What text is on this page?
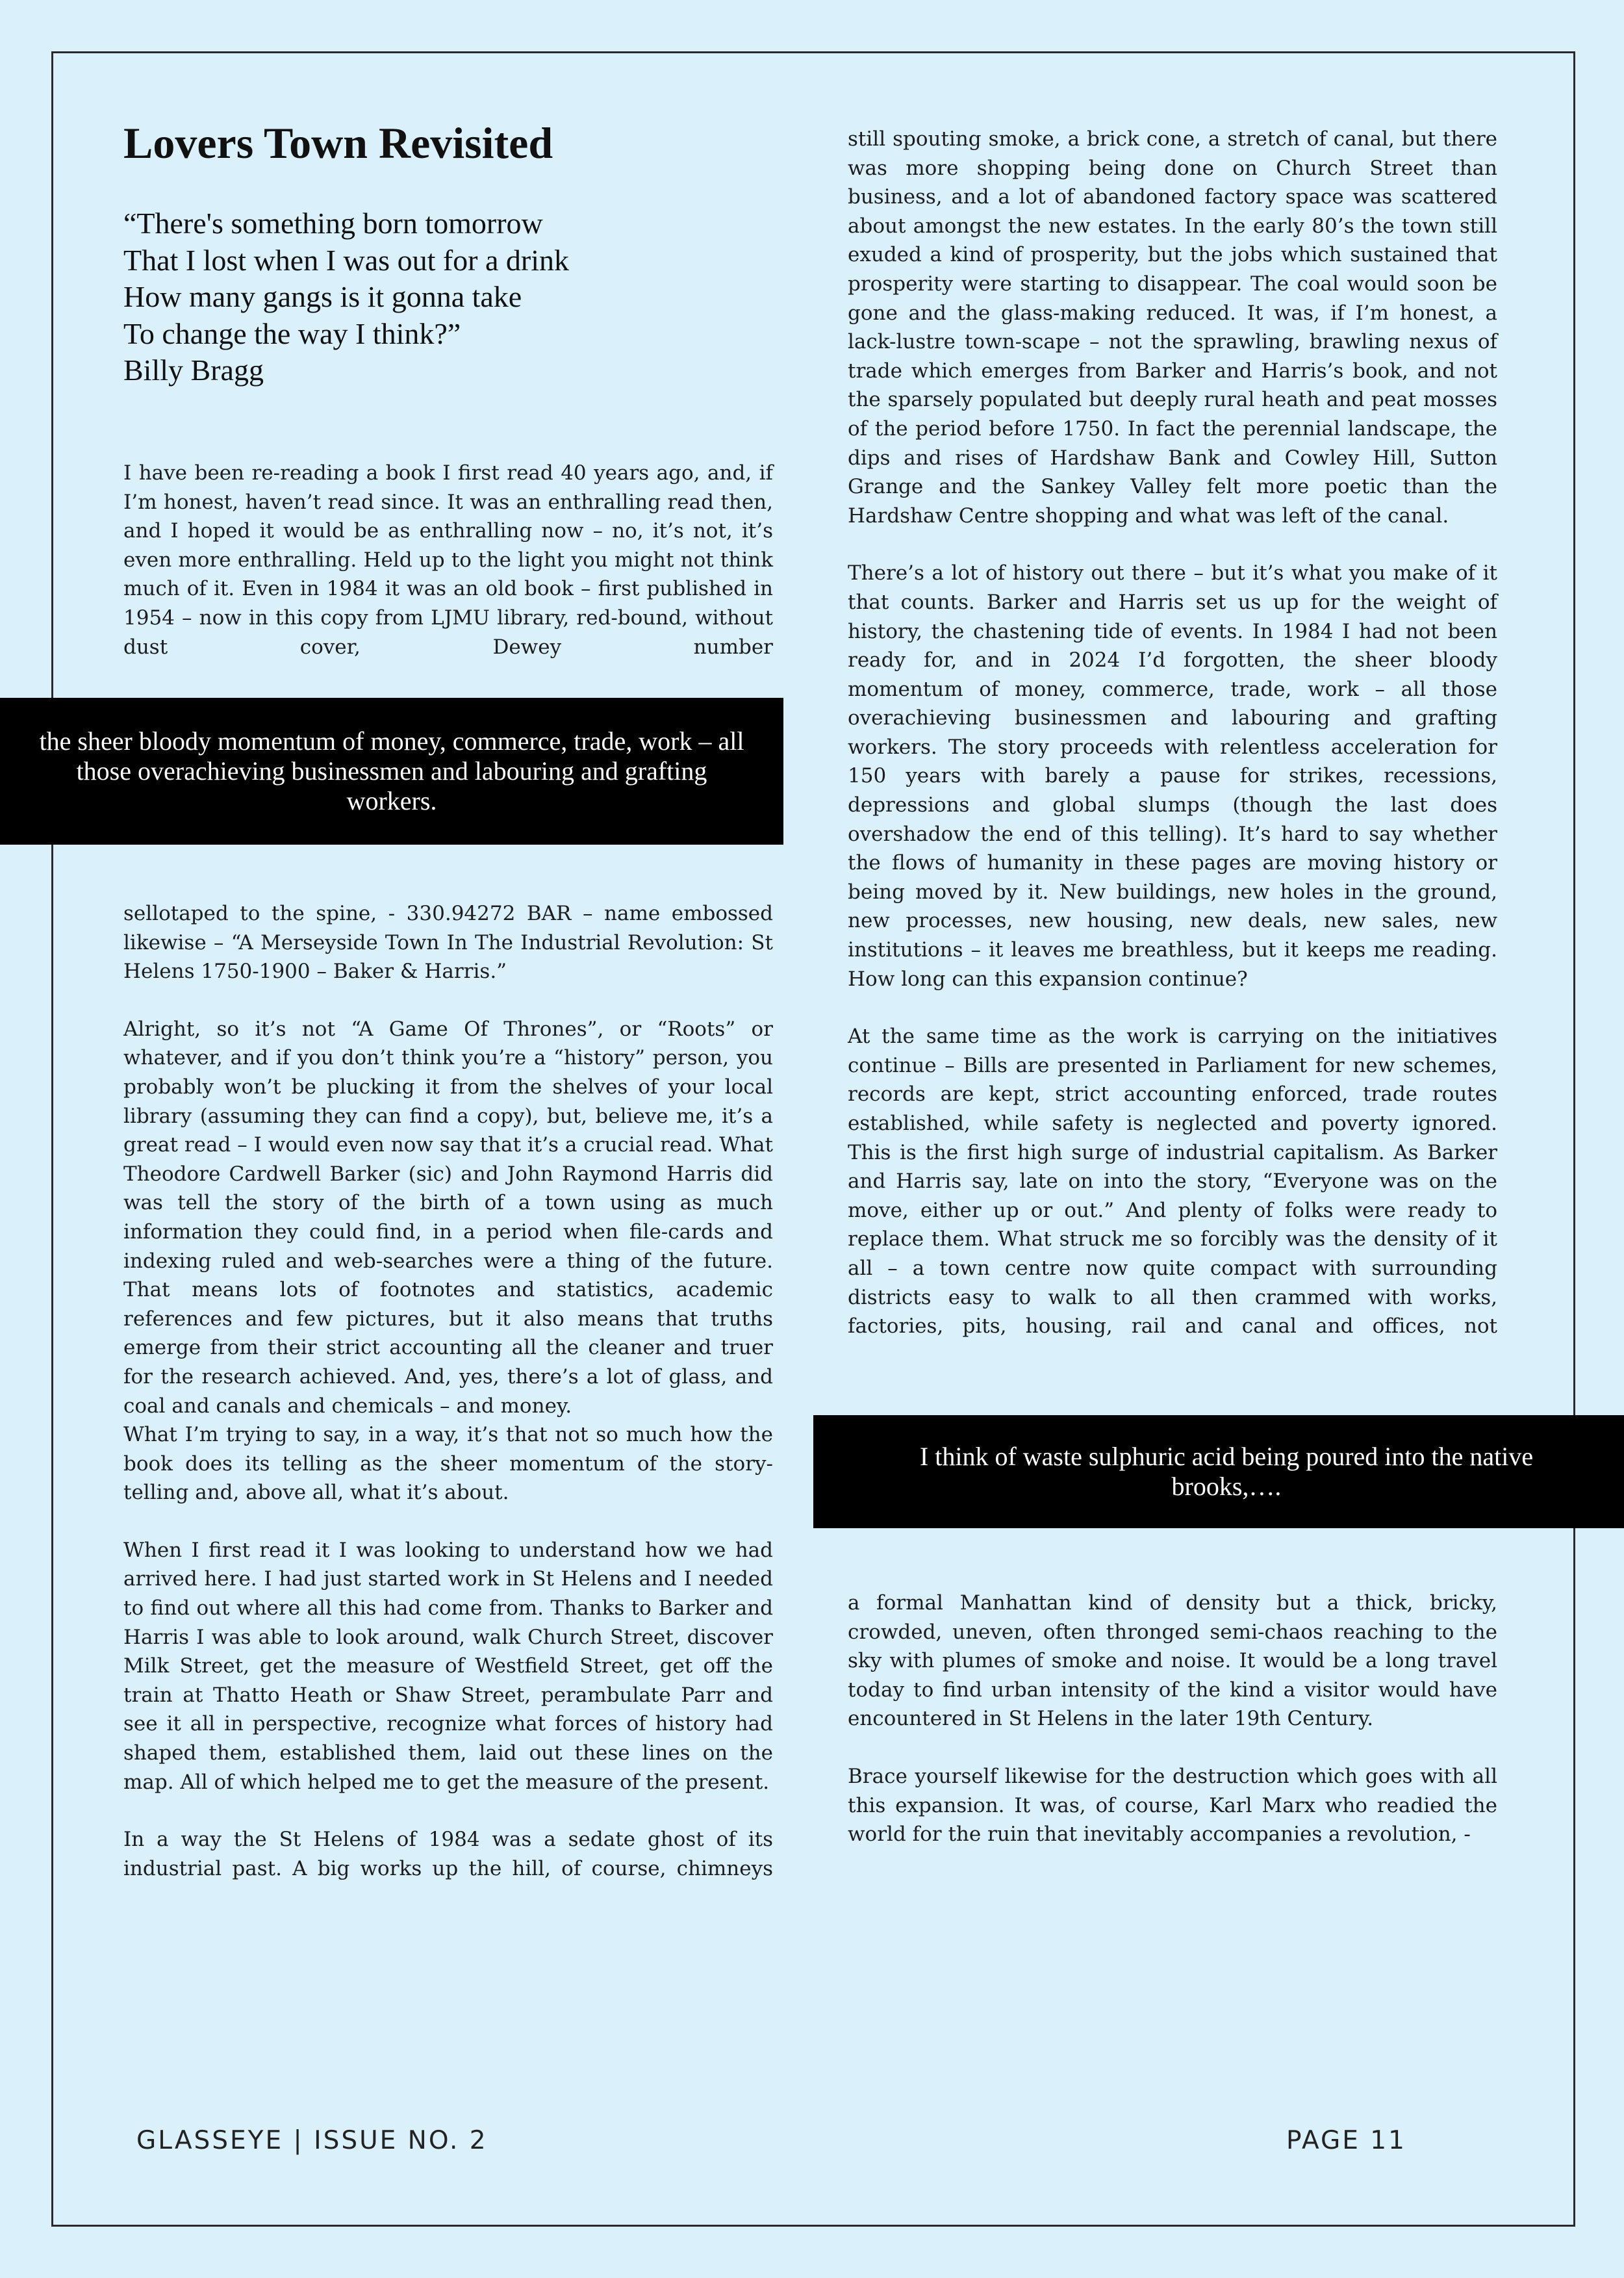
Lovers Town Revisited

“There's something born tomorrow
That I lost when I was out for a drink
How many gangs is it gonna take
To change the way I think?”
Billy Bragg

I have been re-reading a book I first read 40 years ago, and, if I’m honest, haven’t read since. It was an enthralling read then, and I hoped it would be as enthralling now – no, it’s not, it’s even more enthralling. Held up to the light you might not think much of it. Even in 1984 it was an old book – first published in 1954 – now in this copy from LJMU library, red-bound, without dust cover, Dewey number

the sheer bloody momentum of money, commerce, trade, work – all those overachieving businessmen and labouring and grafting workers.

sellotaped to the spine, - 330.94272 BAR – name embossed likewise – “A Merseyside Town In The Industrial Revolution: St Helens 1750-1900 – Baker & Harris.”

Alright, so it’s not “A Game Of Thrones”, or “Roots” or whatever, and if you don’t think you’re a “history” person, you probably won’t be plucking it from the shelves of your local library (assuming they can find a copy), but, believe me, it’s a great read – I would even now say that it’s a crucial read. What Theodore Cardwell Barker (sic) and John Raymond Harris did was tell the story of the birth of a town using as much information they could find, in a period when file-cards and indexing ruled and web-searches were a thing of the future. That means lots of footnotes and statistics, academic references and few pictures, but it also means that truths emerge from their strict accounting all the cleaner and truer for the research achieved. And, yes, there’s a lot of glass, and coal and canals and chemicals – and money.

What I’m trying to say, in a way, it’s that not so much how the book does its telling as the sheer momentum of the story-telling and, above all, what it’s about.

When I first read it I was looking to understand how we had arrived here. I had just started work in St Helens and I needed to find out where all this had come from. Thanks to Barker and Harris I was able to look around, walk Church Street, discover Milk Street, get the measure of Westfield Street, get off the train at Thatto Heath or Shaw Street, perambulate Parr and see it all in perspective, recognize what forces of history had shaped them, established them, laid out these lines on the map. All of which helped me to get the measure of the present.

In a way the St Helens of 1984 was a sedate ghost of its industrial past. A big works up the hill, of course, chimneys

still spouting smoke, a brick cone, a stretch of canal, but there was more shopping being done on Church Street than business, and a lot of abandoned factory space was scattered about amongst the new estates. In the early 80’s the town still exuded a kind of prosperity, but the jobs which sustained that prosperity were starting to disappear. The coal would soon be gone and the glass-making reduced. It was, if I’m honest, a lack-lustre town-scape – not the sprawling, brawling nexus of trade which emerges from Barker and Harris’s book, and not the sparsely populated but deeply rural heath and peat mosses of the period before 1750. In fact the perennial landscape, the dips and rises of Hardshaw Bank and Cowley Hill, Sutton Grange and the Sankey Valley felt more poetic than the Hardshaw Centre shopping and what was left of the canal.

There’s a lot of history out there – but it’s what you make of it that counts. Barker and Harris set us up for the weight of history, the chastening tide of events. In 1984 I had not been ready for, and in 2024 I’d forgotten, the sheer bloody momentum of money, commerce, trade, work – all those overachieving businessmen and labouring and grafting workers. The story proceeds with relentless acceleration for 150 years with barely a pause for strikes, recessions, depressions and global slumps (though the last does overshadow the end of this telling). It’s hard to say whether the flows of humanity in these pages are moving history or being moved by it. New buildings, new holes in the ground, new processes, new housing, new deals, new sales, new institutions – it leaves me breathless, but it keeps me reading. How long can this expansion continue?

At the same time as the work is carrying on the initiatives continue – Bills are presented in Parliament for new schemes, records are kept, strict accounting enforced, trade routes established, while safety is neglected and poverty ignored. This is the first high surge of industrial capitalism. As Barker and Harris say, late on into the story, “Everyone was on the move, either up or out.” And plenty of folks were ready to replace them. What struck me so forcibly was the density of it all – a town centre now quite compact with surrounding districts easy to walk to all then crammed with works, factories, pits, housing, rail and canal and offices, not

I think of waste sulphuric acid being poured into the native brooks,….

a formal Manhattan kind of density but a thick, bricky, crowded, uneven, often thronged semi-chaos reaching to the sky with plumes of smoke and noise. It would be a long travel today to find urban intensity of the kind a visitor would have encountered in St Helens in the later 19th Century.

Brace yourself likewise for the destruction which goes with all this expansion. It was, of course, Karl Marx who readied the world for the ruin that inevitably accompanies a revolution, -

GLASSEYE | ISSUE NO. 2	PAGE 11
